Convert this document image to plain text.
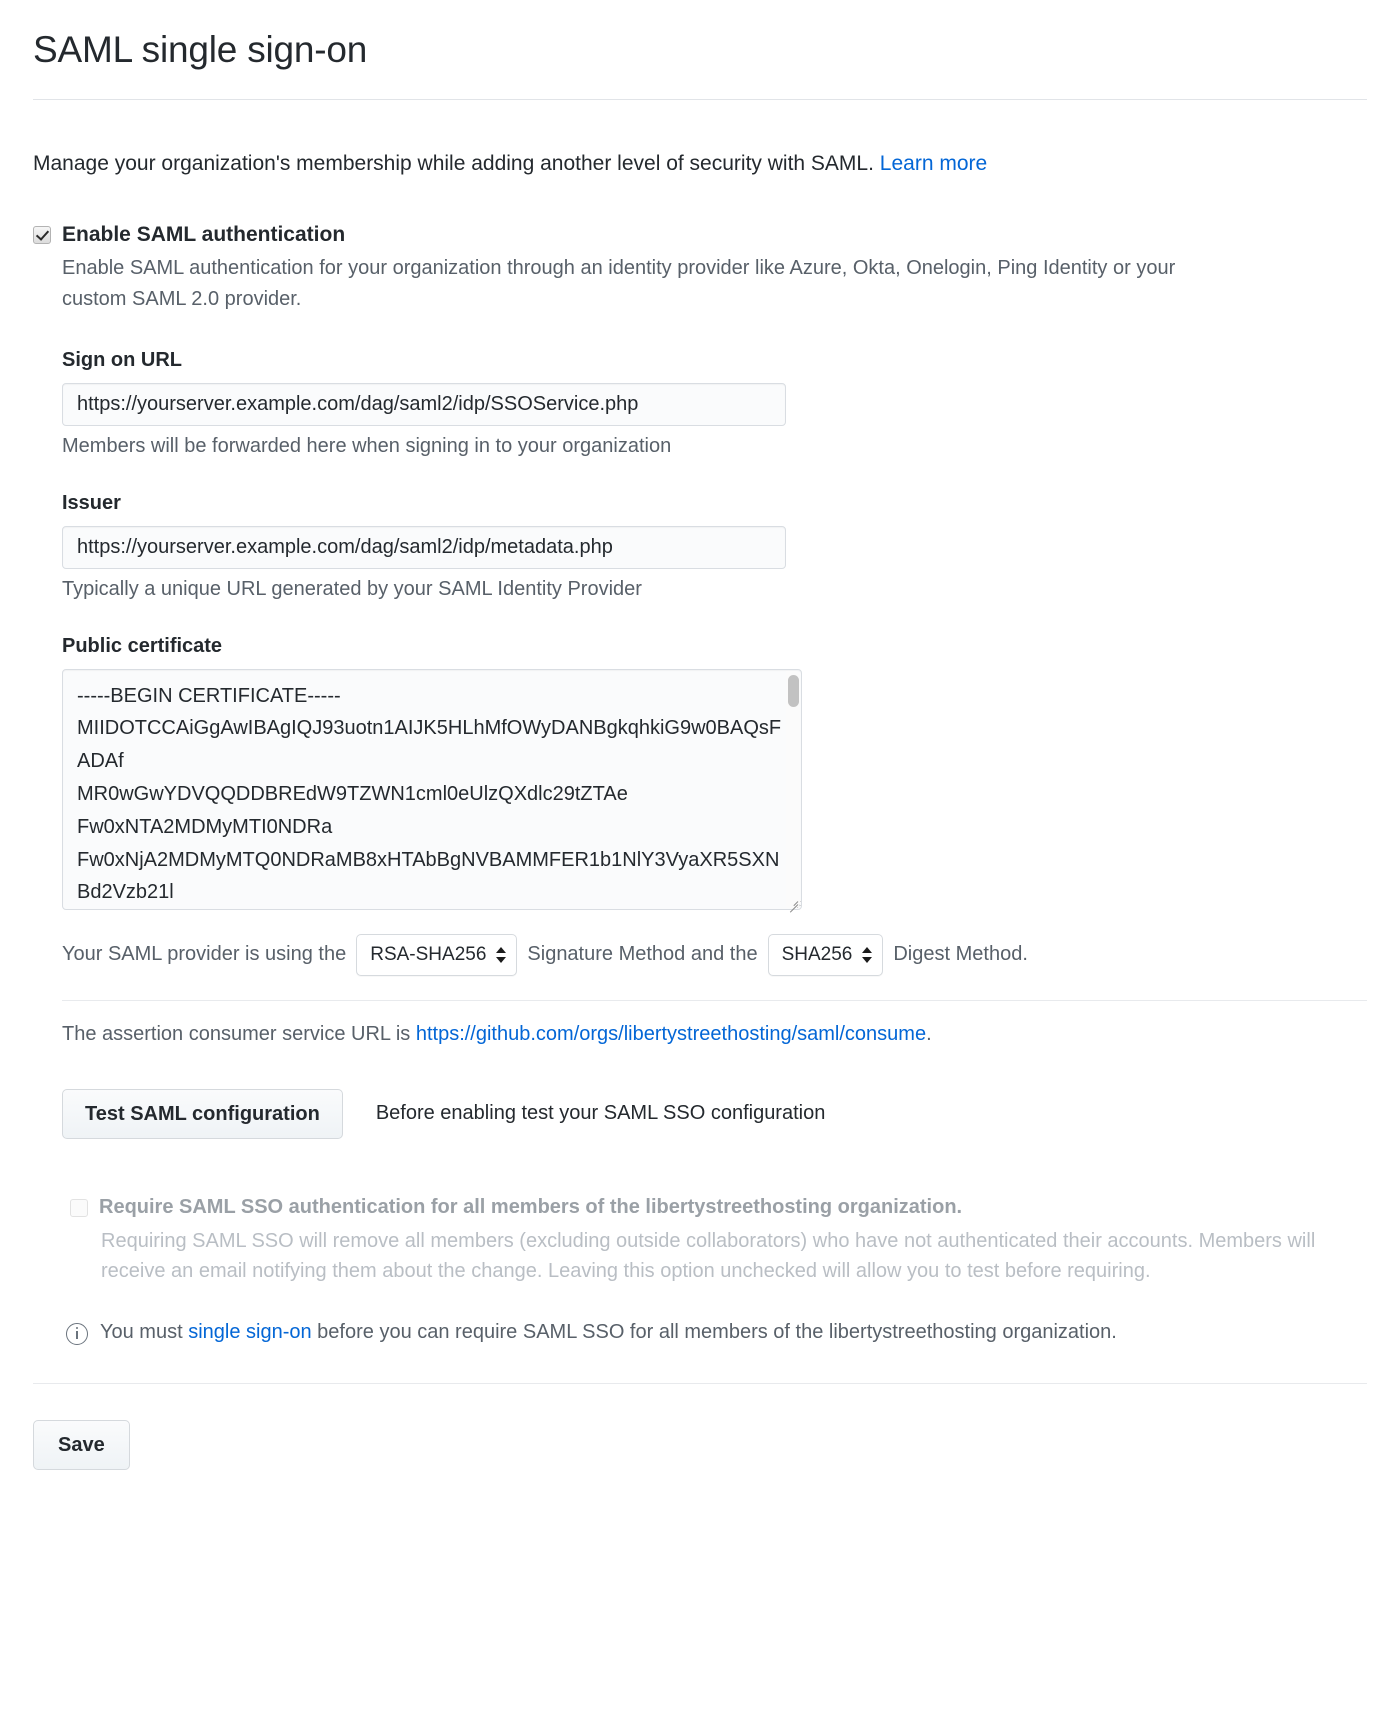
SAML single sign-on

Manage your organization's membership while adding another level of security with SAML. Learn more

Enable SAML authentication
Enable SAML authentication for your organization through an identity provider like Azure, Okta, Onelogin, Ping Identity or your custom SAML 2.0 provider.
Sign on URL
https://yourserver.example.com/dag/saml2/idp/SSOService.php
Members will be forwarded here when signing in to your organization
Issuer
https://yourserver.example.com/dag/saml2/idp/metadata.php
Typically a unique URL generated by your SAML Identity Provider
Public certificate
-----BEGIN CERTIFICATE----- MIIDOTCCAiGgAwIBAgIQJ93uotn1AIJK5HLhMfOWyDANBgkqhkiG9w0BAQsFADAf MR0wGwYDVQQDDBREdW9TZWN1cml0eUlzQXdlc29tZTAe Fw0xNTA2MDMyMTI0NDRa Fw0xNjA2MDMyMTQ0NDRaMB8xHTAbBgNVBAMMFER1b1NlY3VyaXR5SXNBd2Vzb21l
Your SAML provider is using the RSA-SHA256 Signature Method and the SHA256 Digest Method.
The assertion consumer service URL is https://github.com/orgs/libertystreethosting/saml/consume.
Test SAML configuration	Before enabling test your SAML SSO configuration
Require SAML SSO authentication for all members of the libertystreethosting organization.
Requiring SAML SSO will remove all members (excluding outside collaborators) who have not authenticated their accounts. Members will receive an email notifying them about the change. Leaving this option unchecked will allow you to test before requiring.
You must single sign-on before you can require SAML SSO for all members of the libertystreethosting organization.
Save
